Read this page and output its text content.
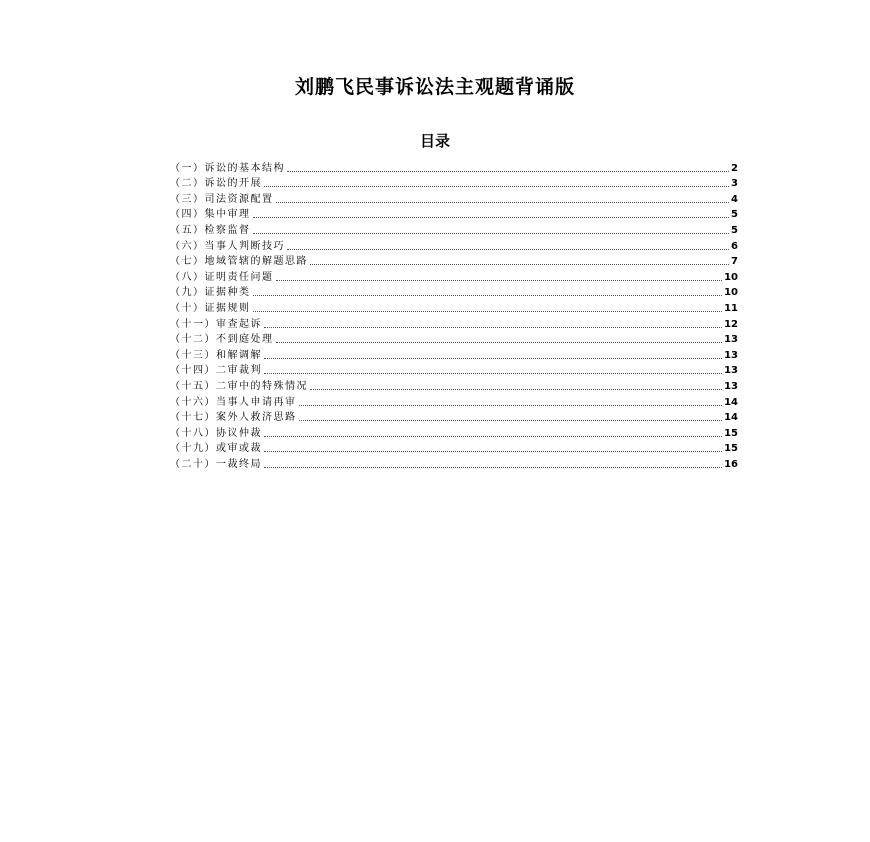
刘鹏飞民事诉讼法主观题背诵版
目录
（一）诉讼的基本结构	2
（二）诉讼的开展	3
（三）司法资源配置	4
（四）集中审理	5
（五）检察监督	5
（六）当事人判断技巧	6
（七）地域管辖的解题思路	7
（八）证明责任问题	10
（九）证据种类	10
（十）证据规则	11
（十一）审查起诉	12
（十二）不到庭处理	13
（十三）和解调解	13
（十四）二审裁判	13
（十五）二审中的特殊情况	13
（十六）当事人申请再审	14
（十七）案外人救济思路	14
（十八）协议仲裁	15
（十九）或审或裁	15
（二十）一裁终局	16
